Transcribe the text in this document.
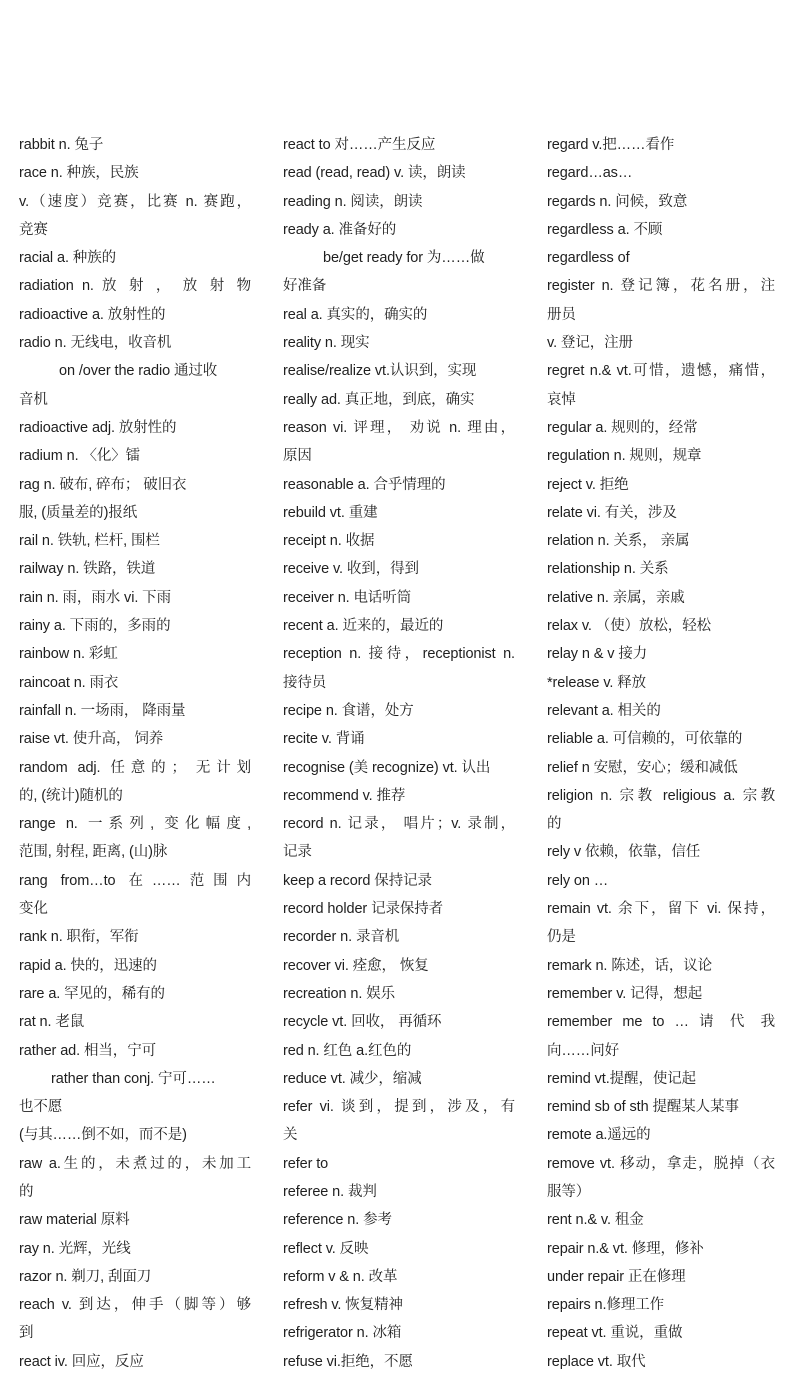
rabbit n. 兔子
race n. 种族，民族
v.（速度）竞赛，比赛 n. 赛跑，
竞赛
racial a. 种族的
radiation n. 放 射 ， 放 射 物
radioactive a. 放射性的
radio n. 无线电，收音机
on /over the radio 通过收
音机
radioactive adj. 放射性的
radium n. 〈化〉镭
rag n. 破布, 碎布； 破旧衣
服, (质量差的)报纸
rail n. 铁轨, 栏杆, 围栏
railway n. 铁路，铁道
rain n. 雨，雨水 vi. 下雨
rainy a. 下雨的，多雨的
rainbow n. 彩虹
raincoat n. 雨衣
rainfall n. 一场雨， 降雨量
raise vt. 使升高， 饲养
random adj. 任意的； 无计划
的, (统计)随机的
range n. 一系列, 变化幅度,
范围, 射程, 距离, (山)脉
rang from…to 在……范围内
变化
rank n. 职衔，军衔
rapid a. 快的，迅速的
rare a. 罕见的，稀有的
rat n. 老鼠
rather ad. 相当，宁可
rather than conj. 宁可……
也不愿
(与其……倒不如，而不是)
raw a.生的，未煮过的，未加工
的
raw material 原料
ray n. 光辉，光线
razor n. 剃刀, 刮面刀
reach v. 到达，伸手（脚等）够
到
react iv. 回应，反应
react to 对……产生反应
read (read, read) v. 读，朗读
reading n. 阅读，朗读
ready a. 准备好的
be/get ready for 为……做
好准备
real a. 真实的，确实的
reality n. 现实
realise/realize vt.认识到，实现
really ad. 真正地，到底，确实
reason vi. 评理， 劝说 n. 理由，
原因
reasonable a. 合乎情理的
rebuild vt. 重建
receipt n. 收据
receive v. 收到，得到
receiver n. 电话听筒
recent a. 近来的，最近的
reception n. 接待，receptionist n.
接待员
recipe n. 食谱，处方
recite v. 背诵
recognise (美 recognize) vt. 认出
recommend v. 推荐
record n. 记录， 唱片；v. 录制，
记录
keep a record 保持记录
record holder 记录保持者
recorder n. 录音机
recover vi. 痊愈， 恢复
recreation n. 娱乐
recycle vt. 回收， 再循环
red n. 红色 a.红色的
reduce vt. 减少，缩减
refer vi. 谈到，提到，涉及，有
关
refer to
referee n. 裁判
reference n. 参考
reflect v. 反映
reform v & n. 改革
refresh v. 恢复精神
refrigerator n. 冰箱
refuse vi.拒绝，不愿
regard v.把……看作
regard…as…
regards n. 问候，致意
regardless a. 不顾
regardless of
register n. 登记簿，花名册，注
册员
v. 登记，注册
regret n.& vt.可惜，遗憾，痛惜，
哀悼
regular a. 规则的，经常
regulation n. 规则，规章
reject v. 拒绝
relate vi. 有关，涉及
relation n. 关系， 亲属
relationship n. 关系
relative n. 亲属，亲戚
relax v. （使）放松，轻松
relay n & v 接力
*release v. 释放
relevant a. 相关的
reliable a. 可信赖的，可依靠的
relief n 安慰，安心；缓和减低
religion n. 宗教 religious a. 宗教
的
rely v 依赖，依靠，信任
rely on …
remain vt. 余下，留下 vi. 保持，
仍是
remark n. 陈述，话，议论
remember v. 记得，想起
remember me to … 请 代 我
向……问好
remind vt.提醒，使记起
remind sb of sth 提醒某人某事
remote a.遥远的
remove vt. 移动，拿走，脱掉（衣
服等）
rent n.& v. 租金
repair n.& vt. 修理，修补
under repair 正在修理
repairs n.修理工作
repeat vt. 重说，重做
replace vt. 取代
